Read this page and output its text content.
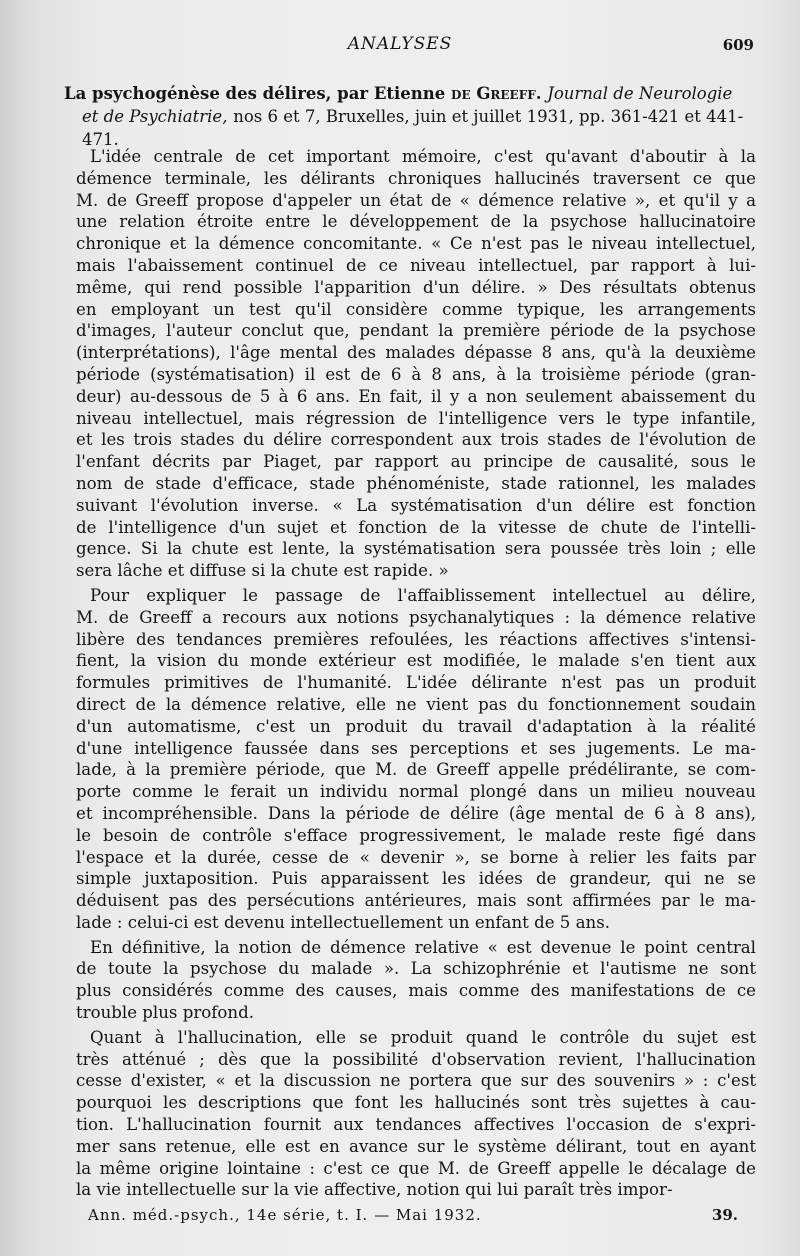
ANALYSES	609
La psychogénèse des délires, par Etienne de Greeff. Journal de Neurologie
et de Psychiatrie, nos 6 et 7, Bruxelles, juin et juillet 1931, pp. 361-421 et 441-471.

L'idée centrale de cet important mémoire, c'est qu'avant d'aboutir à la
démence terminale, les délirants chroniques hallucinés traversent ce que
M. de Greeff propose d'appeler un état de « démence relative », et qu'il y a
une relation étroite entre le développement de la psychose hallucinatoire
chronique et la démence concomitante. « Ce n'est pas le niveau intellectuel,
mais l'abaissement continuel de ce niveau intellectuel, par rapport à lui-
même, qui rend possible l'apparition d'un délire. » Des résultats obtenus
en employant un test qu'il considère comme typique, les arrangements
d'images, l'auteur conclut que, pendant la première période de la psychose
(interprétations), l'âge mental des malades dépasse 8 ans, qu'à la deuxième
période (systématisation) il est de 6 à 8 ans, à la troisième période (gran-
deur) au-dessous de 5 à 6 ans. En fait, il y a non seulement abaissement du
niveau intellectuel, mais régression de l'intelligence vers le type infantile,
et les trois stades du délire correspondent aux trois stades de l'évolution de
l'enfant décrits par Piaget, par rapport au principe de causalité, sous le
nom de stade d'efficace, stade phénoméniste, stade rationnel, les malades
suivant l'évolution inverse. « La systématisation d'un délire est fonction
de l'intelligence d'un sujet et fonction de la vitesse de chute de l'intelli-
gence. Si la chute est lente, la systématisation sera poussée très loin ; elle
sera lâche et diffuse si la chute est rapide. »

Pour expliquer le passage de l'affaiblissement intellectuel au délire,
M. de Greeff a recours aux notions psychanalytiques : la démence relative
libère des tendances premières refoulées, les réactions affectives s'intensi-
fient, la vision du monde extérieur est modifiée, le malade s'en tient aux
formules primitives de l'humanité. L'idée délirante n'est pas un produit
direct de la démence relative, elle ne vient pas du fonctionnement soudain
d'un automatisme, c'est un produit du travail d'adaptation à la réalité
d'une intelligence faussée dans ses perceptions et ses jugements. Le ma-
lade, à la première période, que M. de Greeff appelle prédélirante, se com-
porte comme le ferait un individu normal plongé dans un milieu nouveau
et incompréhensible. Dans la période de délire (âge mental de 6 à 8 ans),
le besoin de contrôle s'efface progressivement, le malade reste figé dans
l'espace et la durée, cesse de « devenir », se borne à relier les faits par
simple juxtaposition. Puis apparaissent les idées de grandeur, qui ne se
déduisent pas des persécutions antérieures, mais sont affirmées par le ma-
lade : celui-ci est devenu intellectuellement un enfant de 5 ans.

En définitive, la notion de démence relative « est devenue le point central
de toute la psychose du malade ». La schizophrénie et l'autisme ne sont
plus considérés comme des causes, mais comme des manifestations de ce
trouble plus profond.

Quant à l'hallucination, elle se produit quand le contrôle du sujet est
très atténué ; dès que la possibilité d'observation revient, l'hallucination
cesse d'exister, « et la discussion ne portera que sur des souvenirs » : c'est
pourquoi les descriptions que font les hallucinés sont très sujettes à cau-
tion. L'hallucination fournit aux tendances affectives l'occasion de s'expri-
mer sans retenue, elle est en avance sur le système délirant, tout en ayant
la même origine lointaine : c'est ce que M. de Greeff appelle le décalage de
la vie intellectuelle sur la vie affective, notion qui lui paraît très impor-

Ann. méd.-psych., 14e série, t. I. — Mai 1932.	39.
